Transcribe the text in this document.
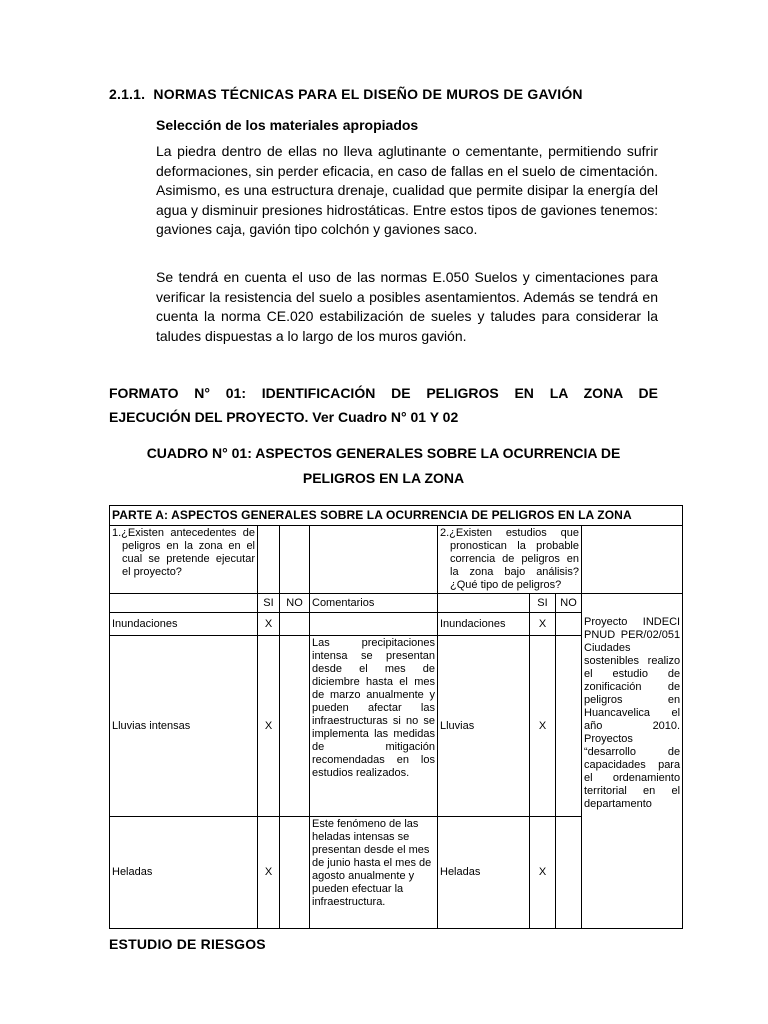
2.1.1. NORMAS TÉCNICAS PARA EL DISEÑO DE MUROS DE GAVIÓN
Selección de los materiales apropiados
La piedra dentro de ellas no lleva aglutinante o cementante, permitiendo sufrir deformaciones, sin perder eficacia, en caso de fallas en el suelo de cimentación. Asimismo, es una estructura drenaje, cualidad que permite disipar la energía del agua y disminuir presiones hidrostáticas. Entre estos tipos de gaviones tenemos: gaviones caja, gavión tipo colchón y gaviones saco.
Se tendrá en cuenta el uso de las normas E.050 Suelos y cimentaciones para verificar la resistencia del suelo a posibles asentamientos. Además se tendrá en cuenta la norma CE.020 estabilización de sueles y taludes para considerar la taludes dispuestas a lo largo de los muros gavión.
FORMATO N° 01: IDENTIFICACIÓN DE PELIGROS EN LA ZONA DE
EJECUCIÓN DEL PROYECTO. Ver Cuadro N° 01 Y 02
CUADRO N° 01: ASPECTOS GENERALES SOBRE LA OCURRENCIA DE
PELIGROS EN LA ZONA
PARTE A: ASPECTOS GENERALES SOBRE LA OCURRENCIA DE PELIGROS EN LA ZONA							
1.¿Existen antecedentes de peligros en la zona en el cual se pretende ejecutar el proyecto?				2.¿Existen estudios que pronostican la probable correncia de peligros en la zona bajo análisis? ¿Qué tipo de peligros?			
	SI	NO	Comentarios		SI	NO	Proyecto INDECI PNUD PER/02/051 Ciudades sostenibles realizo el estudio de zonificación de peligros en Huancavelica el año 2010. Proyectos “desarrollo de capacidades para el ordenamiento territorial en el departamento
Inundaciones	X			Inundaciones	X		
Lluvias intensas	X		Las precipitaciones intensa se presentan desde el mes de diciembre hasta el mes de marzo anualmente y pueden afectar las infraestructuras si no se implementa las medidas de mitigación recomendadas en los estudios realizados.	Lluvias	X		
Heladas	X		Este fenómeno de las heladas intensas se presentan desde el mes de junio hasta el mes de agosto anualmente y pueden efectuar la infraestructura.	Heladas	X		
ESTUDIO DE RIESGOS
